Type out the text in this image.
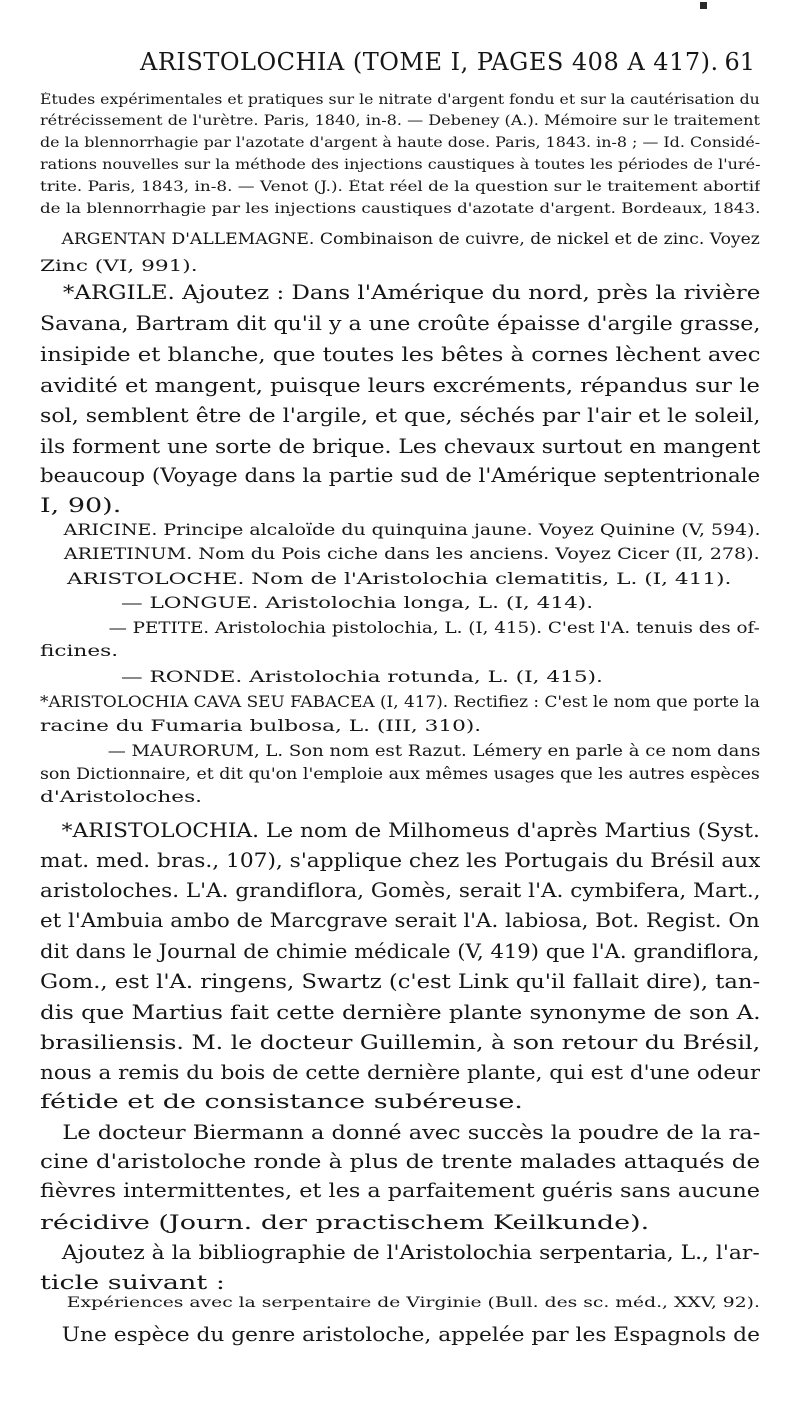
ARISTOLOCHIA (TOME I, PAGES 408 A 417). 61
Études expérimentales et pratiques sur le nitrate d'argent fondu et sur la cautérisation du
rétrécissement de l'urètre. Paris, 1840, in-8. — Debeney (A.). Mémoire sur le traitement
de la blennorrhagie par l'azotate d'argent à haute dose. Paris, 1843. in-8 ; — Id. Considé-
rations nouvelles sur la méthode des injections caustiques à toutes les périodes de l'uré-
trite. Paris, 1843, in-8. — Venot (J.). État réel de la question sur le traitement abortif
de la blennorrhagie par les injections caustiques d'azotate d'argent. Bordeaux, 1843.
ARGENTAN D'ALLEMAGNE. Combinaison de cuivre, de nickel et de zinc. Voyez
Zinc (VI, 991).
*ARGILE. Ajoutez : Dans l'Amérique du nord, près la rivière
Savana, Bartram dit qu'il y a une croûte épaisse d'argile grasse,
insipide et blanche, que toutes les bêtes à cornes lèchent avec
avidité et mangent, puisque leurs excréments, répandus sur le
sol, semblent être de l'argile, et que, séchés par l'air et le soleil,
ils forment une sorte de brique. Les chevaux surtout en mangent
beaucoup (Voyage dans la partie sud de l'Amérique septentrionale
I, 90).
ARICINE. Principe alcaloïde du quinquina jaune. Voyez Quinine (V, 594).
ARIETINUM. Nom du Pois ciche dans les anciens. Voyez Cicer (II, 278).
ARISTOLOCHE. Nom de l'Aristolochia clematitis, L. (I, 411).
— LONGUE. Aristolochia longa, L. (I, 414).
— PETITE. Aristolochia pistolochia, L. (I, 415). C'est l'A. tenuis des of-
ficines.
— RONDE. Aristolochia rotunda, L. (I, 415).
*ARISTOLOCHIA CAVA SEU FABACEA (I, 417). Rectifiez : C'est le nom que porte la
racine du Fumaria bulbosa, L. (III, 310).
— MAURORUM, L. Son nom est Razut. Lémery en parle à ce nom dans
son Dictionnaire, et dit qu'on l'emploie aux mêmes usages que les autres espèces
d'Aristoloches.
*ARISTOLOCHIA. Le nom de Milhomeus d'après Martius (Syst.
mat. med. bras., 107), s'applique chez les Portugais du Brésil aux
aristoloches. L'A. grandiflora, Gomès, serait l'A. cymbifera, Mart.,
et l'Ambuia ambo de Marcgrave serait l'A. labiosa, Bot. Regist. On
dit dans le Journal de chimie médicale (V, 419) que l'A. grandiflora,
Gom., est l'A. ringens, Swartz (c'est Link qu'il fallait dire), tan-
dis que Martius fait cette dernière plante synonyme de son A.
brasiliensis. M. le docteur Guillemin, à son retour du Brésil,
nous a remis du bois de cette dernière plante, qui est d'une odeur
fétide et de consistance subéreuse.
Le docteur Biermann a donné avec succès la poudre de la ra-
cine d'aristoloche ronde à plus de trente malades attaqués de
fièvres intermittentes, et les a parfaitement guéris sans aucune
récidive (Journ. der practischem Keilkunde).
Ajoutez à la bibliographie de l'Aristolochia serpentaria, L., l'ar-
ticle suivant :
Expériences avec la serpentaire de Virginie (Bull. des sc. méd., XXV, 92).
Une espèce du genre aristoloche, appelée par les Espagnols de
